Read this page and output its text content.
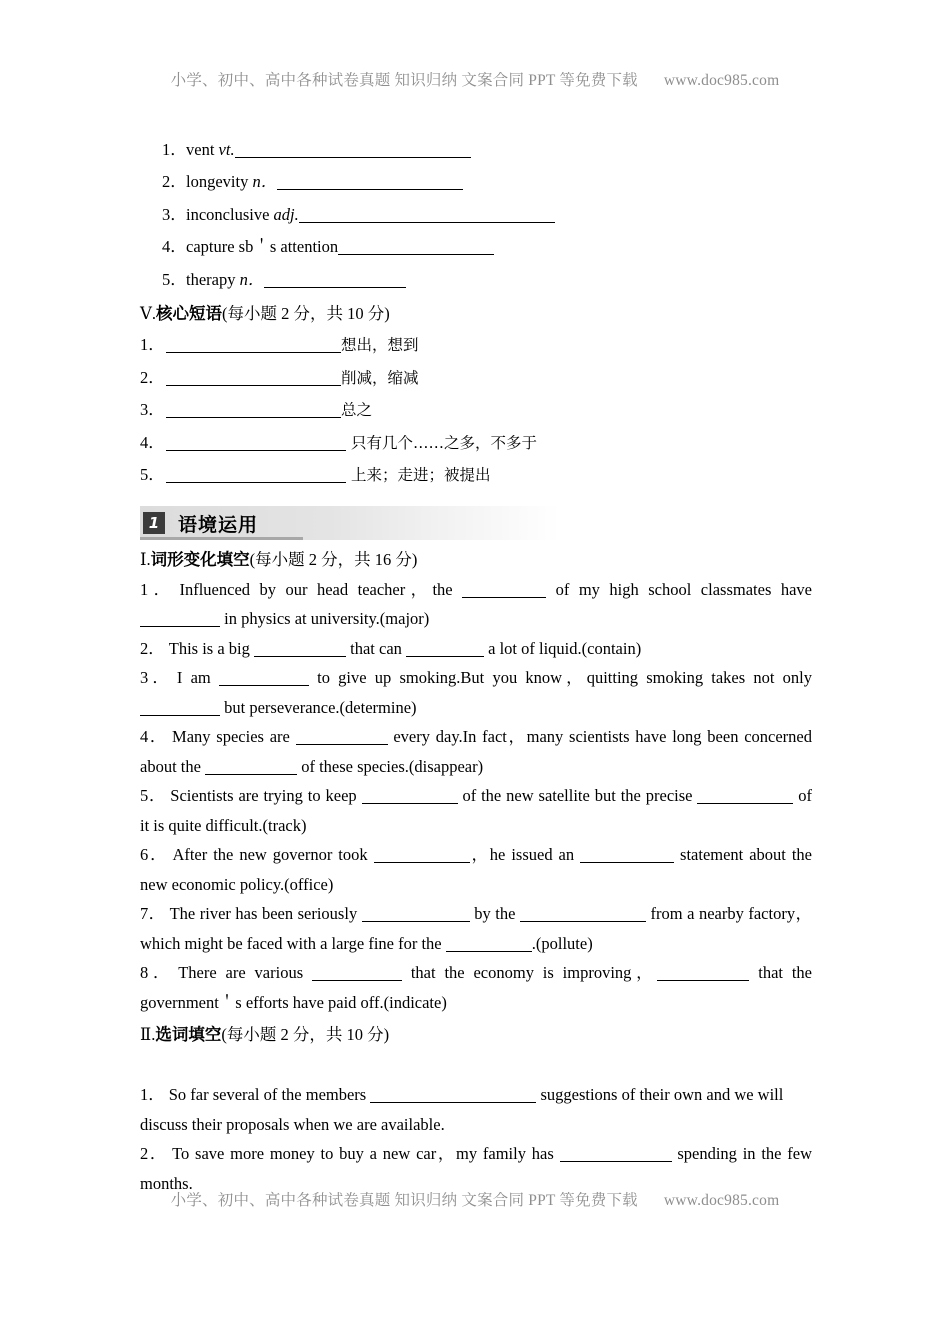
小学、初中、高中各种试卷真题 知识归纳 文案合同 PPT 等免费下载 www.doc985.com
1．vent vt.
2．longevity n．
3．inconclusive adj.
4．capture sb＇s attention
5．therapy n．
Ⅴ.核心短语(每小题 2 分，共 10 分)
1．	想出，想到
2．	削减，缩减
3．	总之
4．	只有几个……之多，不多于
5．	上来；走进；被提出
1 语境运用
Ⅰ.词形变化填空(每小题 2 分，共 16 分)
1． Influenced by our head teacher，the	of my high school classmates have  in physics at university.(major)
2． This is a big	that can	a lot of liquid.(contain)
3． I am	to give up smoking.But you know，quitting smoking takes not only  but perseverance.(determine)
4． Many species are	every day.In fact，many scientists have long been concerned about the	of these species.(disappear)
5． Scientists are trying to keep	of the new satellite but the precise	of it is quite difficult.(track)
6． After the new governor took	，he issued an	statement about the new economic policy.(office)
7． The river has been seriously	by the	from a nearby factory，which might be faced with a large fine for the	.(pollute)
8． There are various	that the economy is improving，	that the government＇s efforts have paid off.(indicate)
Ⅱ.选词填空(每小题 2 分，共 10 分)
1． So far several of the members	suggestions of their own and we will discuss their proposals when we are available.
2． To save more money to buy a new car，my family has	spending in the few months.
小学、初中、高中各种试卷真题 知识归纳 文案合同 PPT 等免费下载 www.doc985.com
